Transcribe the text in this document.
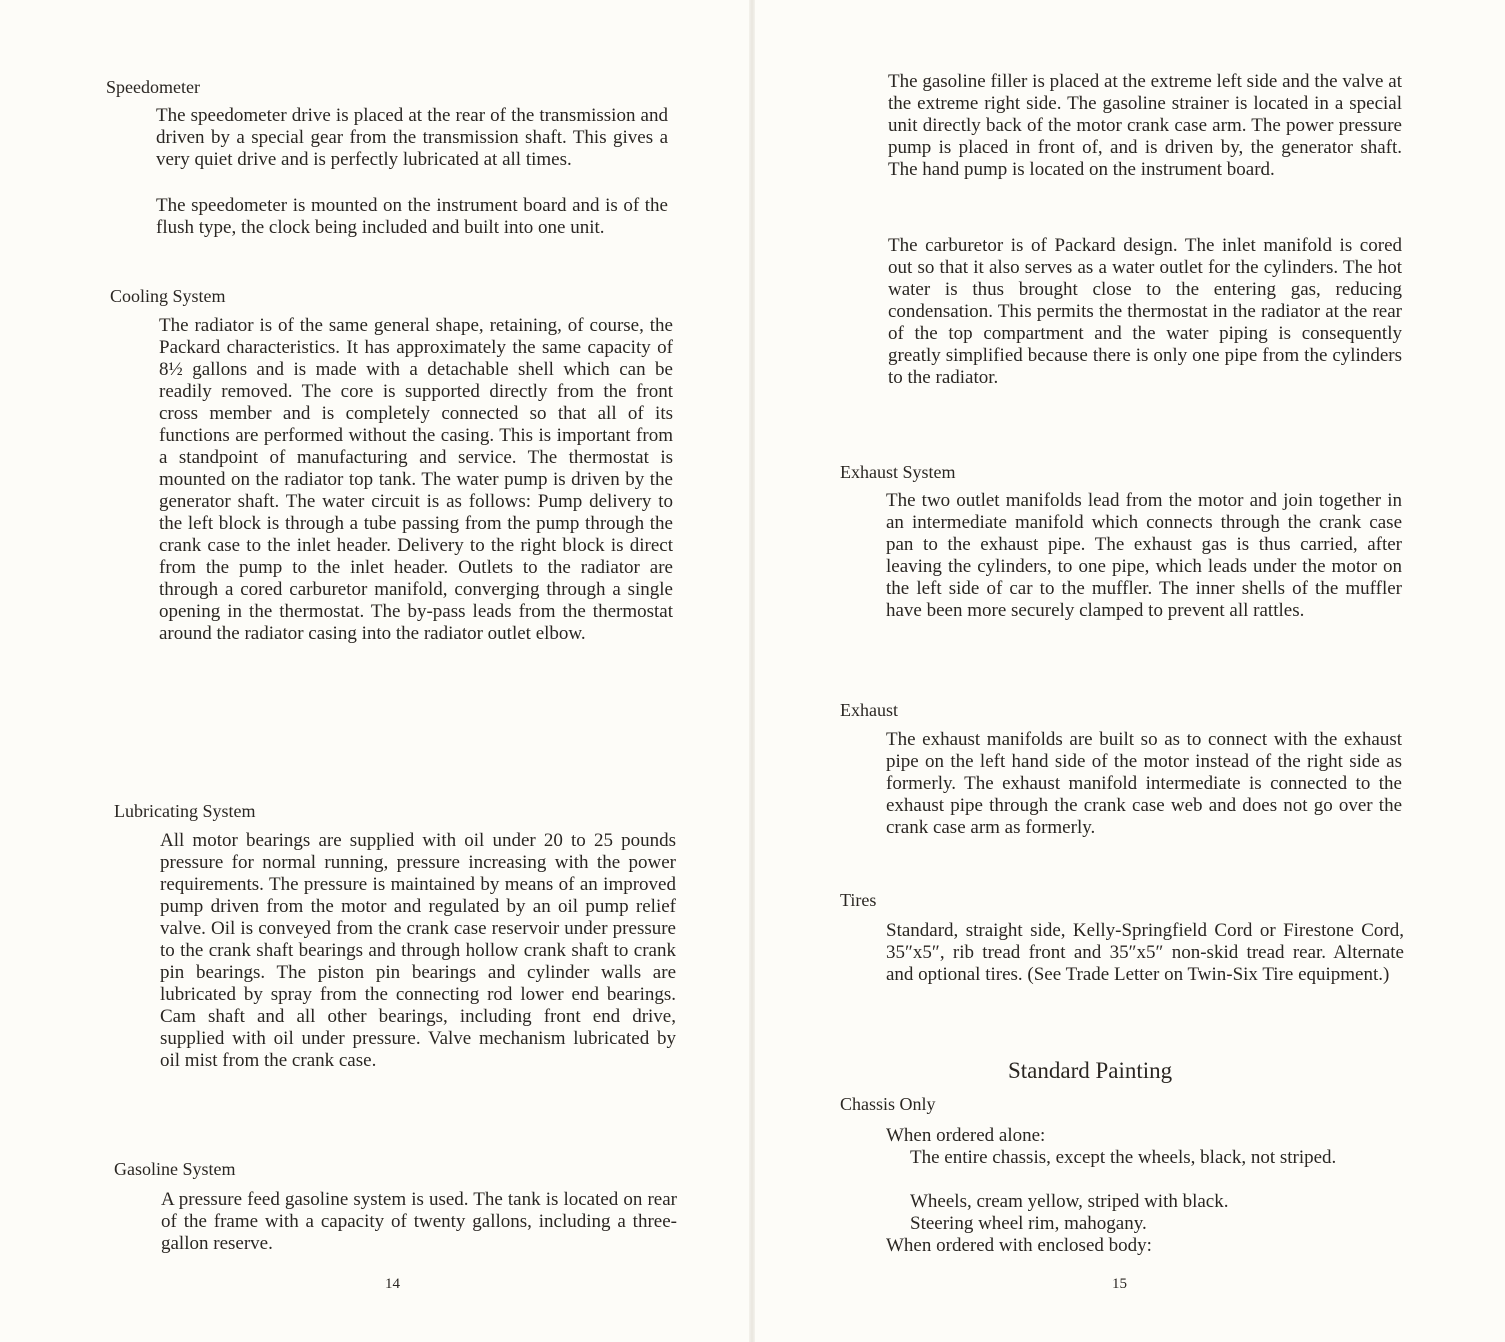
Speedometer

The speedometer drive is placed at the rear of the transmission and driven by a special gear from the transmission shaft. This gives a very quiet drive and is perfectly lubricated at all times.

The speedometer is mounted on the instrument board and is of the flush type, the clock being included and built into one unit.

Cooling System

The radiator is of the same general shape, retaining, of course, the Packard characteristics. It has approximately the same capacity of 8½ gallons and is made with a detachable shell which can be readily removed. The core is supported directly from the front cross member and is completely connected so that all of its functions are performed without the casing. This is important from a standpoint of manufacturing and service. The thermostat is mounted on the radiator top tank. The water pump is driven by the generator shaft. The water circuit is as follows: Pump delivery to the left block is through a tube passing from the pump through the crank case to the inlet header. Delivery to the right block is direct from the pump to the inlet header. Outlets to the radiator are through a cored carburetor manifold, converging through a single opening in the thermostat. The by-pass leads from the thermostat around the radiator casing into the radiator outlet elbow.

Lubricating System

All motor bearings are supplied with oil under 20 to 25 pounds pressure for normal running, pressure increasing with the power requirements. The pressure is maintained by means of an improved pump driven from the motor and regulated by an oil pump relief valve. Oil is conveyed from the crank case reservoir under pressure to the crank shaft bearings and through hollow crank shaft to crank pin bearings. The piston pin bearings and cylinder walls are lubricated by spray from the connecting rod lower end bearings. Cam shaft and all other bearings, including front end drive, supplied with oil under pressure. Valve mechanism lubricated by oil mist from the crank case.

Gasoline System

A pressure feed gasoline system is used. The tank is located on rear of the frame with a capacity of twenty gallons, including a three-gallon reserve.

14

The gasoline filler is placed at the extreme left side and the valve at the extreme right side. The gasoline strainer is located in a special unit directly back of the motor crank case arm. The power pressure pump is placed in front of, and is driven by, the generator shaft. The hand pump is located on the instrument board.

The carburetor is of Packard design. The inlet manifold is cored out so that it also serves as a water outlet for the cylinders. The hot water is thus brought close to the entering gas, reducing condensation. This permits the thermostat in the radiator at the rear of the top compartment and the water piping is consequently greatly simplified because there is only one pipe from the cylinders to the radiator.

Exhaust System

The two outlet manifolds lead from the motor and join together in an intermediate manifold which connects through the crank case pan to the exhaust pipe. The exhaust gas is thus carried, after leaving the cylinders, to one pipe, which leads under the motor on the left side of car to the muffler. The inner shells of the muffler have been more securely clamped to prevent all rattles.

Exhaust

The exhaust manifolds are built so as to connect with the exhaust pipe on the left hand side of the motor instead of the right side as formerly. The exhaust manifold intermediate is connected to the exhaust pipe through the crank case web and does not go over the crank case arm as formerly.

Tires

Standard, straight side, Kelly-Springfield Cord or Firestone Cord, 35″x5″, rib tread front and 35″x5″ non-skid tread rear. Alternate and optional tires. (See Trade Letter on Twin-Six Tire equipment.)

Standard Painting
Chassis Only

When ordered alone:

The entire chassis, except the wheels, black, not striped.

Wheels, cream yellow, striped with black.

Steering wheel rim, mahogany.

When ordered with enclosed body:

15
